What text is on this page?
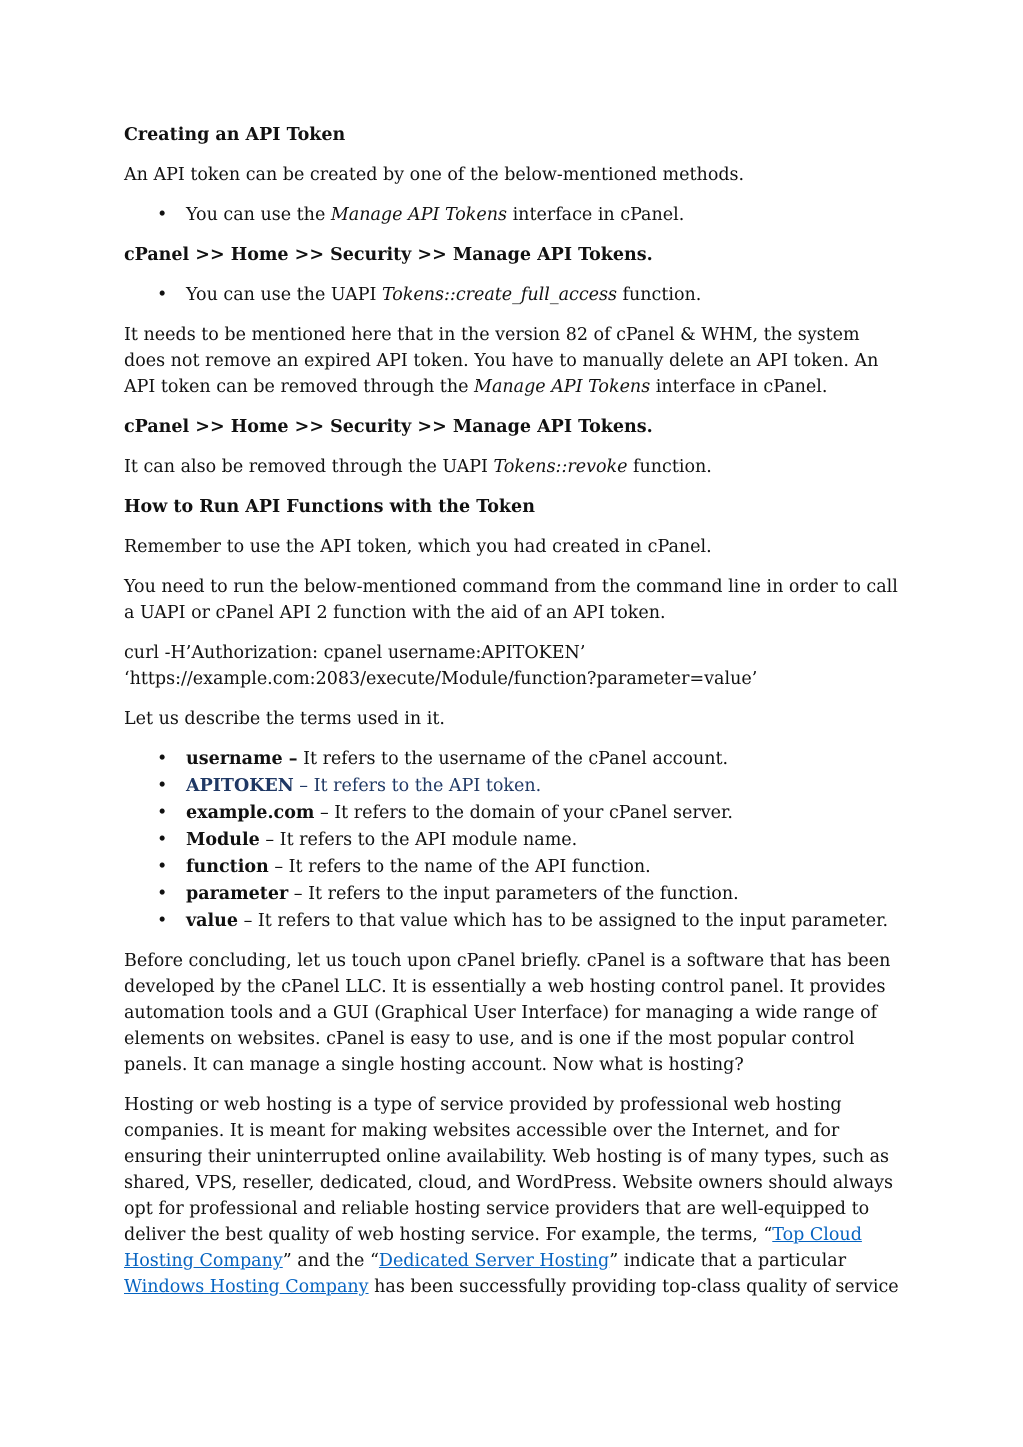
Creating an API Token
An API token can be created by one of the below-mentioned methods.
• You can use the Manage API Tokens interface in cPanel.
cPanel >> Home >> Security >> Manage API Tokens.
• You can use the UAPI Tokens::create_full_access function.
It needs to be mentioned here that in the version 82 of cPanel & WHM, the system does not remove an expired API token. You have to manually delete an API token. An API token can be removed through the Manage API Tokens interface in cPanel.
cPanel >> Home >> Security >> Manage API Tokens.
It can also be removed through the UAPI Tokens::revoke function.
How to Run API Functions with the Token
Remember to use the API token, which you had created in cPanel.
You need to run the below-mentioned command from the command line in order to call a UAPI or cPanel API 2 function with the aid of an API token.
curl -H’Authorization: cpanel username:APITOKEN’
‘https://example.com:2083/execute/Module/function?parameter=value’
Let us describe the terms used in it.
• username – It refers to the username of the cPanel account.
• APITOKEN – It refers to the API token.
• example.com – It refers to the domain of your cPanel server.
• Module – It refers to the API module name.
• function – It refers to the name of the API function.
• parameter – It refers to the input parameters of the function.
• value – It refers to that value which has to be assigned to the input parameter.
Before concluding, let us touch upon cPanel briefly. cPanel is a software that has been developed by the cPanel LLC. It is essentially a web hosting control panel. It provides automation tools and a GUI (Graphical User Interface) for managing a wide range of elements on websites. cPanel is easy to use, and is one if the most popular control panels. It can manage a single hosting account. Now what is hosting?
Hosting or web hosting is a type of service provided by professional web hosting companies. It is meant for making websites accessible over the Internet, and for ensuring their uninterrupted online availability. Web hosting is of many types, such as shared, VPS, reseller, dedicated, cloud, and WordPress. Website owners should always opt for professional and reliable hosting service providers that are well-equipped to deliver the best quality of web hosting service. For example, the terms, “Top Cloud Hosting Company” and the “Dedicated Server Hosting” indicate that a particular Windows Hosting Company has been successfully providing top-class quality of service
